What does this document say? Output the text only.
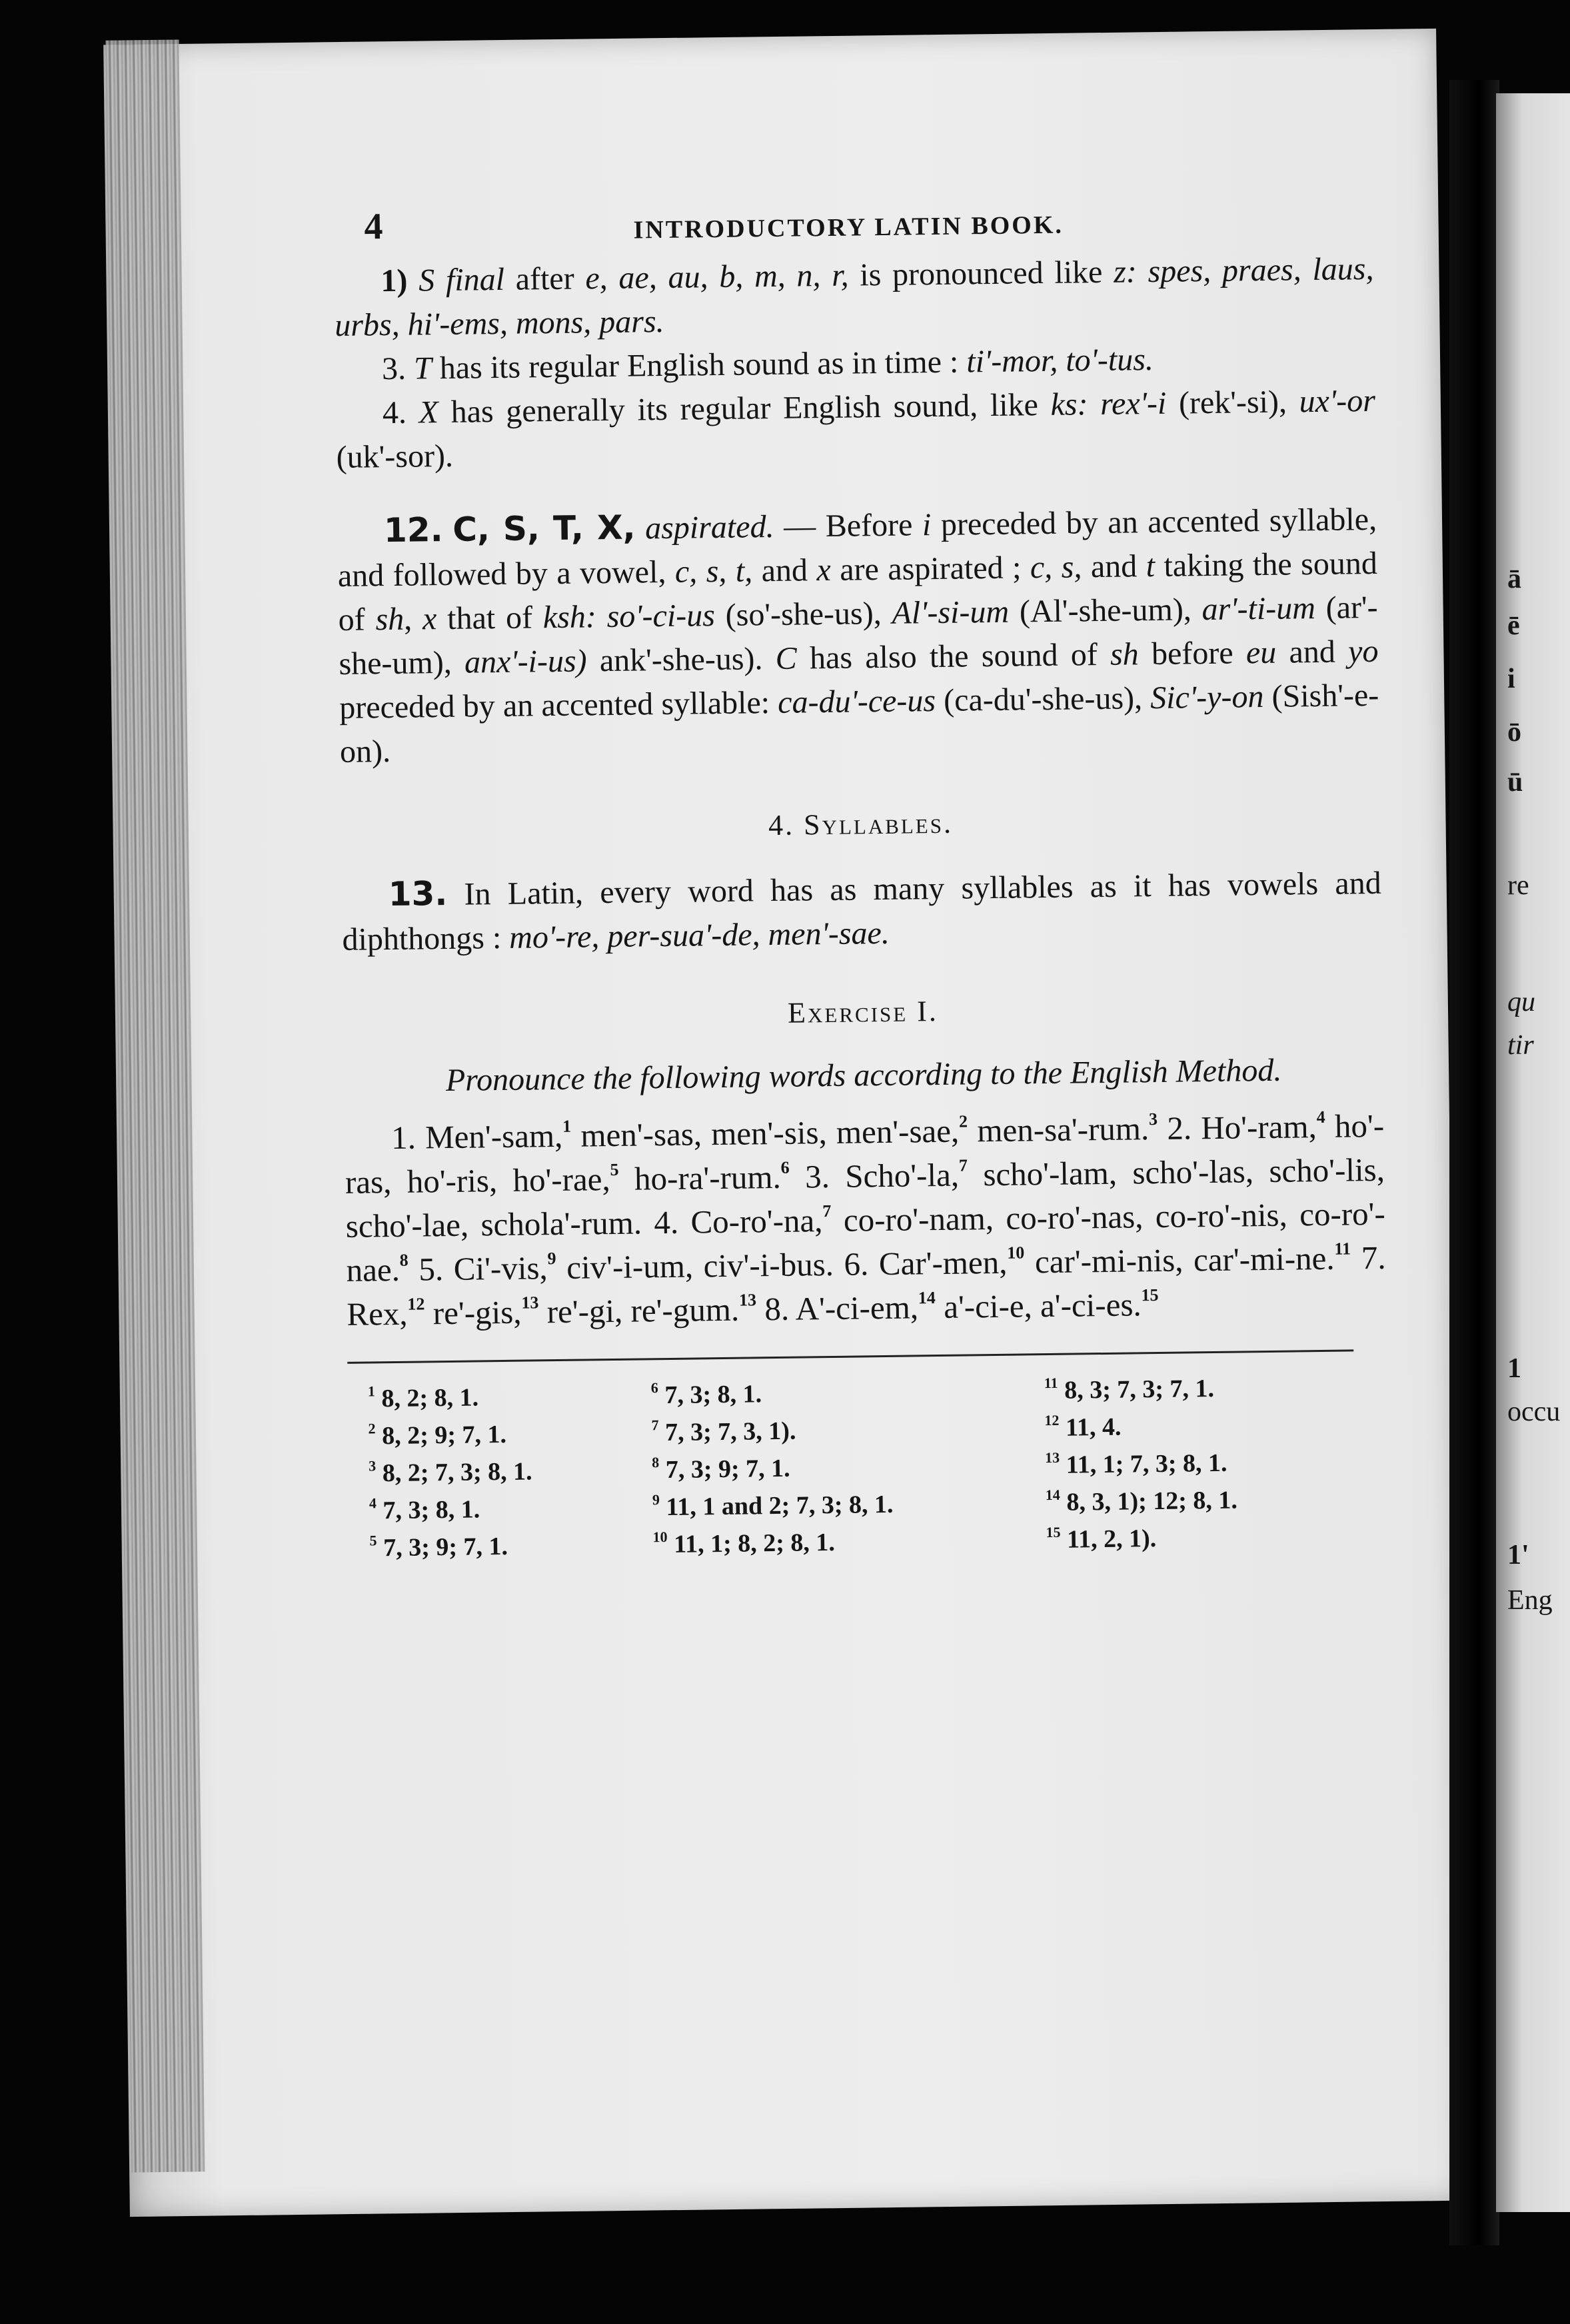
ā
ē
i
ō
ū
re
qu
tir
1
occu
1'
Eng
4	INTRODUCTORY LATIN BOOK.

1) S final after e, ae, au, b, m, n, r, is pronounced like z: spes, praes, laus, urbs, hi'-ems, mons, pars.

3. T has its regular English sound as in time : ti'-mor, to'-tus.

4. X has generally its regular English sound, like ks: rex'-i (rek'-si), ux'-or (uk'-sor).

12. C, S, T, X, aspirated. — Before i preceded by an accented syllable, and followed by a vowel, c, s, t, and x are aspirated ; c, s, and t taking the sound of sh, x that of ksh: so'-ci-us (so'-she-us), Al'-si-um (Al'-she-um), ar'-ti-um (ar'-she-um), anx'-i-us) ank'-she-us). C has also the sound of sh before eu and yo preceded by an accented syllable: ca-du'-ce-us (ca-du'-she-us), Sic'-y-on (Sish'-e-on).

4. Syllables.

13. In Latin, every word has as many syllables as it has vowels and diphthongs : mo'-re, per-sua'-de, men'-sae.

Exercise I.

Pronounce the following words according to the English Method.

1. Men'-sam,$^1$ men'-sas, men'-sis, men'-sae,$^2$ men-sa'-rum.$^3$ 2. Ho'-ram,$^4$ ho'-ras, ho'-ris, ho'-rae,$^5$ ho-ra'-rum.$^6$ 3. Scho'-la,$^7$ scho'-lam, scho'-las, scho'-lis, scho'-lae, schola'-rum. 4. Co-ro'-na,$^7$ co-ro'-nam, co-ro'-nas, co-ro'-nis, co-ro'-nae.$^8$ 5. Ci'-vis,$^9$ civ'-i-um, civ'-i-bus. 6. Car'-men,$^{10}$ car'-mi-nis, car'-mi-ne.$^{11}$ 7. Rex,$^{12}$ re'-gis,$^{13}$ re'-gi, re'-gum.$^{13}$ 8. A'-ci-em,$^{14}$ a'-ci-e, a'-ci-es.$^{15}$

$^1$ 8, 2; 8, 1.
$^2$ 8, 2; 9; 7, 1.
$^3$ 8, 2; 7, 3; 8, 1.
$^4$ 7, 3; 8, 1.
$^5$ 7, 3; 9; 7, 1.
$^6$ 7, 3; 8, 1.
$^7$ 7, 3; 7, 3, 1).
$^8$ 7, 3; 9; 7, 1.
$^9$ 11, 1 and 2; 7, 3; 8, 1.
$^{10}$ 11, 1; 8, 2; 8, 1.
$^{11}$ 8, 3; 7, 3; 7, 1.
$^{12}$ 11, 4.
$^{13}$ 11, 1; 7, 3; 8, 1.
$^{14}$ 8, 3, 1); 12; 8, 1.
$^{15}$ 11, 2, 1).
